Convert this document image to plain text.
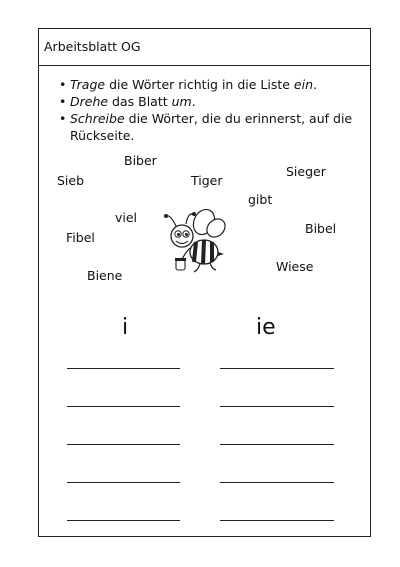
Arbeitsblatt OG
• Trage die Wörter richtig in die Liste ein.
• Drehe das Blatt um.
• Schreibe die Wörter, die du erinnerst, auf die Rückseite.
Biber
Sieb	Tiger
Sieger
gibt
viel
Bibel
Fibel
Wiese
Biene
i	ie
